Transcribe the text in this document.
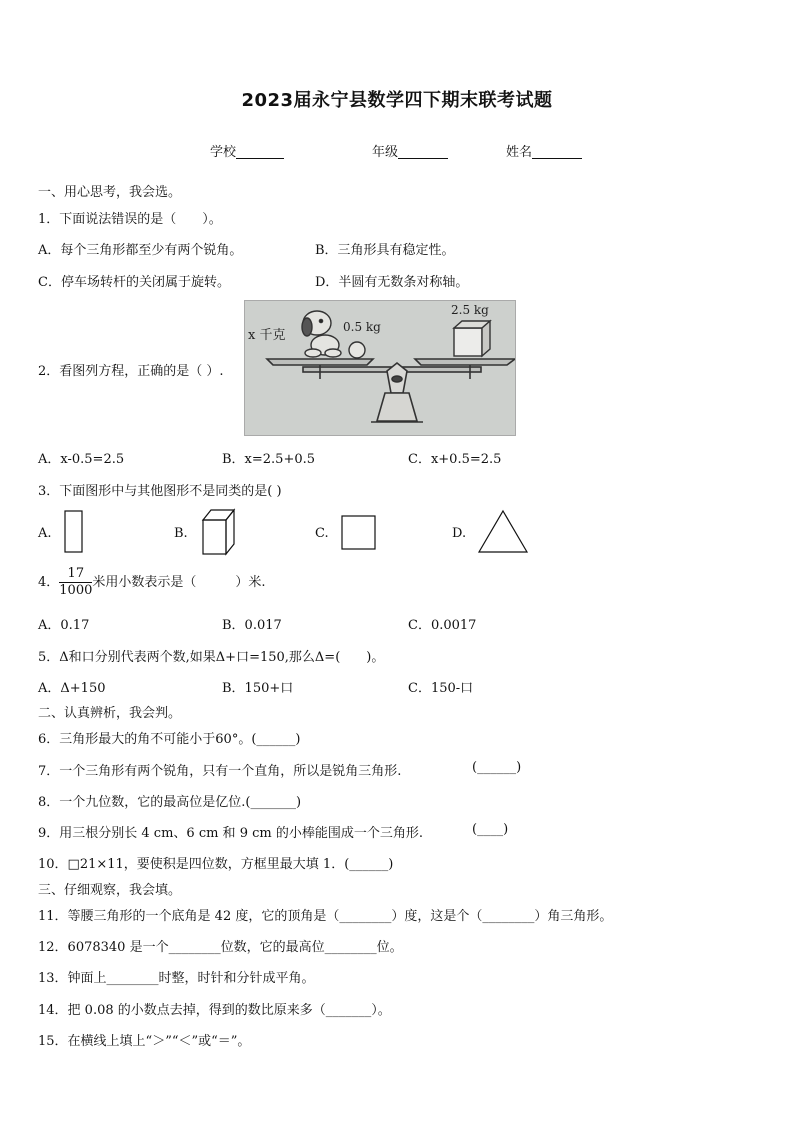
2023届永宁县数学四下期末联考试题
学校	年级	姓名
一、用心思考，我会选。
1．下面说法错误的是（　　）。
A．每个三角形都至少有两个锐角。	B．三角形具有稳定性。
C．停车场转杆的关闭属于旋转。	D．半圆有无数条对称轴。
2．看图列方程，正确的是（ ）.
x 千克
0.5 kg
2.5 kg
A．x-0.5=2.5	B．x=2.5+0.5	C．x+0.5=2.5
3．下面图形中与其他图形不是同类的是( )
A.	B.	C.	D.
4． $\frac{17}{1000}$ 米用小数表示是（　　　）米.
A．0.17	B．0.017	C．0.0017
5．Δ和口分别代表两个数,如果Δ+口=150,那么Δ=(　　)。
A．Δ+150	B．150+口	C．150-口
二、认真辨析，我会判。
6．三角形最大的角不可能小于60°。(______)
7．一个三角形有两个锐角，只有一个直角，所以是锐角三角形.	(______)
8．一个九位数，它的最高位是亿位.(_______)
9．用三根分别长 4 cm、6 cm 和 9 cm 的小棒能围成一个三角形.	(____)
10．□21×11，要使积是四位数，方框里最大填 1．(______)
三、仔细观察，我会填。
11．等腰三角形的一个底角是 42 度，它的顶角是（________）度，这是个（________）角三角形。
12．6078340 是一个________位数，它的最高位________位。
13．钟面上________时整，时针和分针成平角。
14．把 0.08 的小数点去掉，得到的数比原来多（_______）。
15．在横线上填上“＞”“＜”或“＝”。
